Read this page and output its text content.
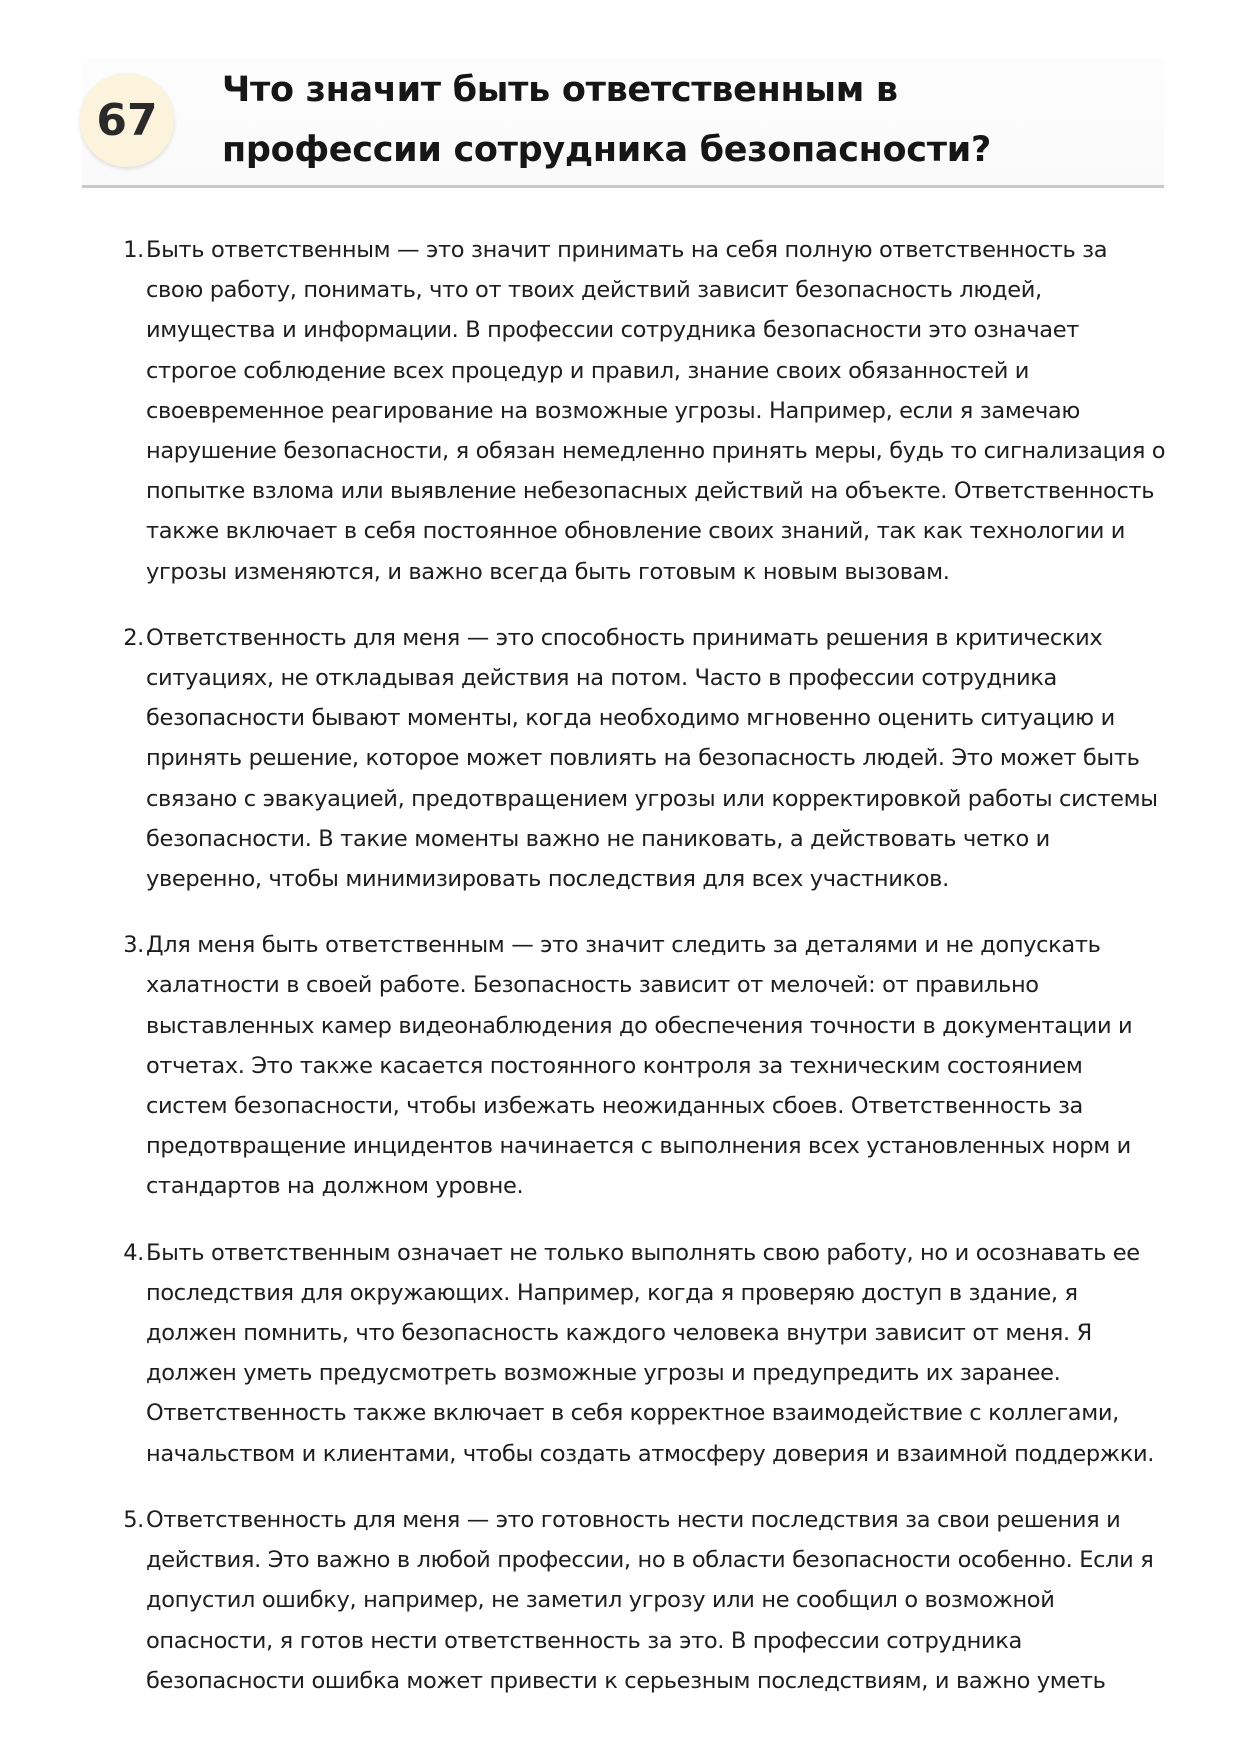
67
Что значит быть ответственным в профессии сотрудника безопасности?
1. Быть ответственным — это значит принимать на себя полную ответственность за свою работу, понимать, что от твоих действий зависит безопасность людей, имущества и информации. В профессии сотрудника безопасности это означает строгое соблюдение всех процедур и правил, знание своих обязанностей и своевременное реагирование на возможные угрозы. Например, если я замечаю нарушение безопасности, я обязан немедленно принять меры, будь то сигнализация о попытке взлома или выявление небезопасных действий на объекте. Ответственность также включает в себя постоянное обновление своих знаний, так как технологии и угрозы изменяются, и важно всегда быть готовым к новым вызовам.
2. Ответственность для меня — это способность принимать решения в критических ситуациях, не откладывая действия на потом. Часто в профессии сотрудника безопасности бывают моменты, когда необходимо мгновенно оценить ситуацию и принять решение, которое может повлиять на безопасность людей. Это может быть связано с эвакуацией, предотвращением угрозы или корректировкой работы системы безопасности. В такие моменты важно не паниковать, а действовать четко и уверенно, чтобы минимизировать последствия для всех участников.
3. Для меня быть ответственным — это значит следить за деталями и не допускать халатности в своей работе. Безопасность зависит от мелочей: от правильно выставленных камер видеонаблюдения до обеспечения точности в документации и отчетах. Это также касается постоянного контроля за техническим состоянием систем безопасности, чтобы избежать неожиданных сбоев. Ответственность за предотвращение инцидентов начинается с выполнения всех установленных норм и стандартов на должном уровне.
4. Быть ответственным означает не только выполнять свою работу, но и осознавать ее последствия для окружающих. Например, когда я проверяю доступ в здание, я должен помнить, что безопасность каждого человека внутри зависит от меня. Я должен уметь предусмотреть возможные угрозы и предупредить их заранее. Ответственность также включает в себя корректное взаимодействие с коллегами, начальством и клиентами, чтобы создать атмосферу доверия и взаимной поддержки.
5. Ответственность для меня — это готовность нести последствия за свои решения и действия. Это важно в любой профессии, но в области безопасности особенно. Если я допустил ошибку, например, не заметил угрозу или не сообщил о возможной опасности, я готов нести ответственность за это. В профессии сотрудника безопасности ошибка может привести к серьезным последствиям, и важно уметь
